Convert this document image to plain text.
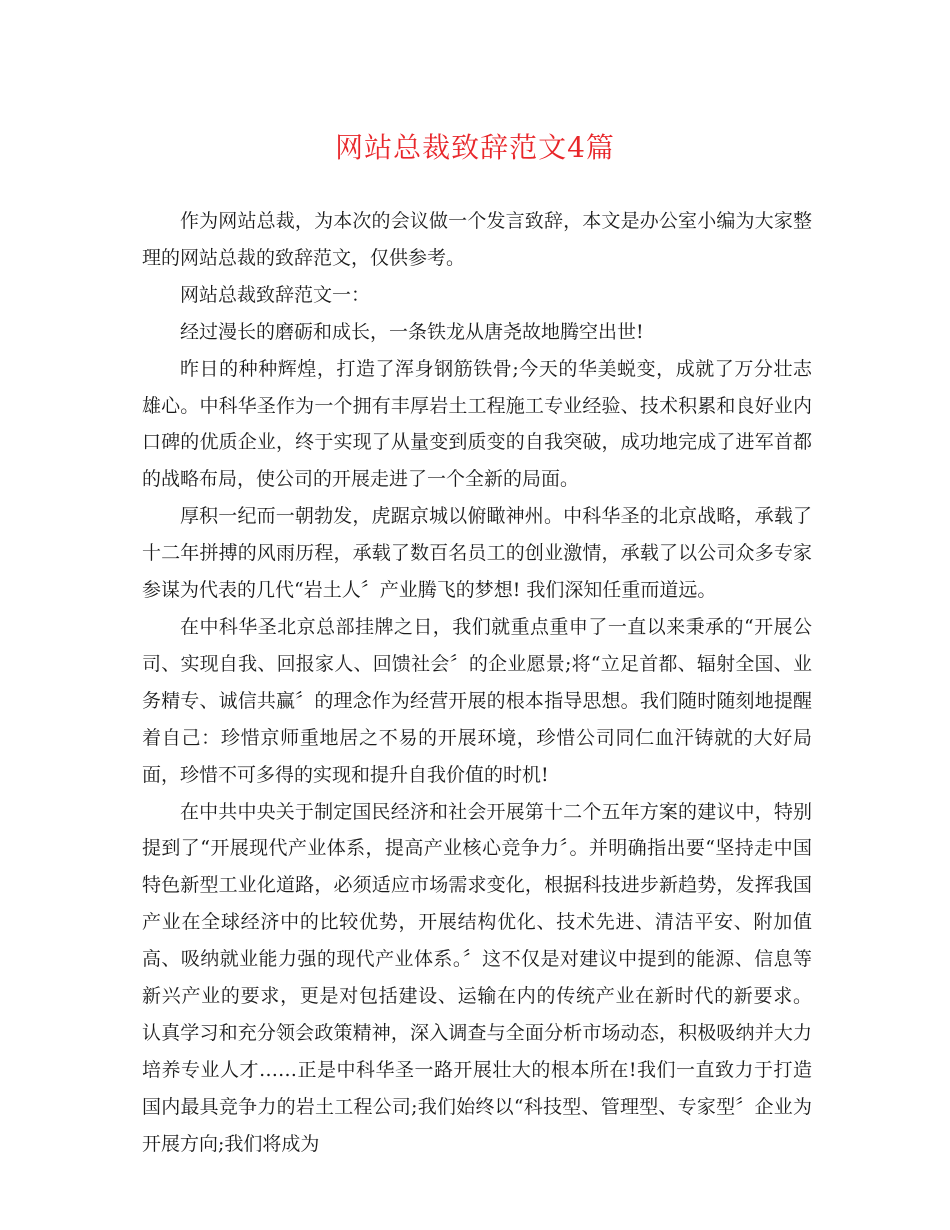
网站总裁致辞范文4篇

作为网站总裁，为本次的会议做一个发言致辞，本文是办公室小编为大家整理的网站总裁的致辞范文，仅供参考。

网站总裁致辞范文一：

经过漫长的磨砺和成长，一条铁龙从唐尧故地腾空出世!

昨日的种种辉煌，打造了浑身钢筋铁骨;今天的华美蜕变，成就了万分壮志雄心。中科华圣作为一个拥有丰厚岩土工程施工专业经验、技术积累和良好业内口碑的优质企业，终于实现了从量变到质变的自我突破，成功地完成了进军首都的战略布局，使公司的开展走进了一个全新的局面。

厚积一纪而一朝勃发，虎踞京城以俯瞰神州。中科华圣的北京战略，承载了十二年拼搏的风雨历程，承载了数百名员工的创业激情，承载了以公司众多专家参谋为代表的几代“岩土人〞产业腾飞的梦想! 我们深知任重而道远。

在中科华圣北京总部挂牌之日，我们就重点重申了一直以来秉承的“开展公司、实现自我、回报家人、回馈社会〞的企业愿景;将“立足首都、辐射全国、业务精专、诚信共赢〞的理念作为经营开展的根本指导思想。我们随时随刻地提醒着自己：珍惜京师重地居之不易的开展环境，珍惜公司同仁血汗铸就的大好局面，珍惜不可多得的实现和提升自我价值的时机!

在中共中央关于制定国民经济和社会开展第十二个五年方案的建议中，特别提到了“开展现代产业体系，提高产业核心竞争力〞。并明确指出要“坚持走中国特色新型工业化道路，必须适应市场需求变化，根据科技进步新趋势，发挥我国产业在全球经济中的比较优势，开展结构优化、技术先进、清洁平安、附加值高、吸纳就业能力强的现代产业体系。〞这不仅是对建议中提到的能源、信息等新兴产业的要求，更是对包括建设、运输在内的传统产业在新时代的新要求。 认真学习和充分领会政策精神，深入调查与全面分析市场动态，积极吸纳并大力培养专业人才……正是中科华圣一路开展壮大的根本所在!我们一直致力于打造国内最具竞争力的岩土工程公司;我们始终以“科技型、管理型、专家型〞企业为开展方向;我们将成为
